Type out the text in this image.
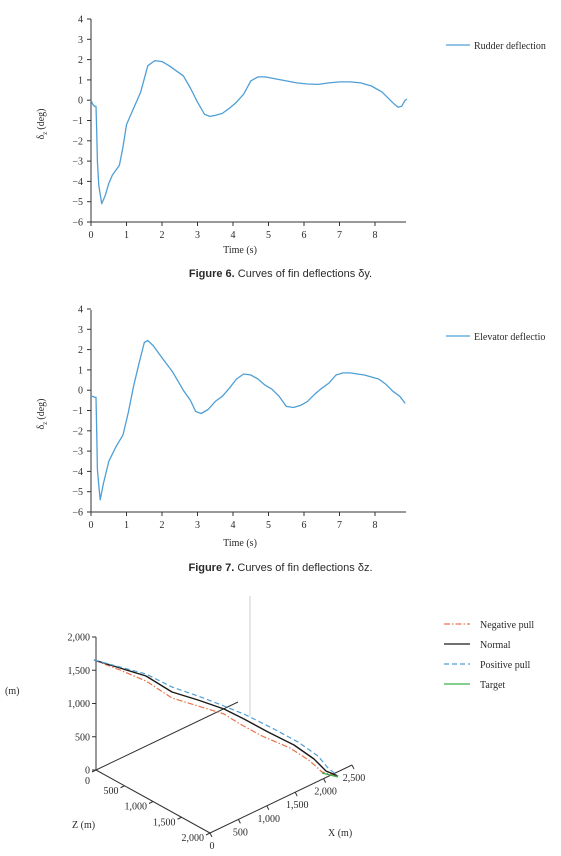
4
3
2
1
0
−1
−2
−3
−4
−5
−6
0	1	2	3	4	5	6	7	8
Time (s)
$\delta_z(deg)$
Rudder deflection
Figure 6. Curves of fin deflections δy.
4
3
2
1
0
−1
−2
−3
−4
−5
−6
0	1	2	3	4	5	6	7	8
Time (s)
$\delta_z(deg)$
Elevator deflectio
Figure 7. Curves of fin deflections δz.
0
500
1,000
1,500
2,000
0
500
1,000
1,500
2,000
0
500
1,000
1,500
2,000
2,500
(m)
Z (m)
X (m)
Negative pull
Normal
Positive pull
Target
